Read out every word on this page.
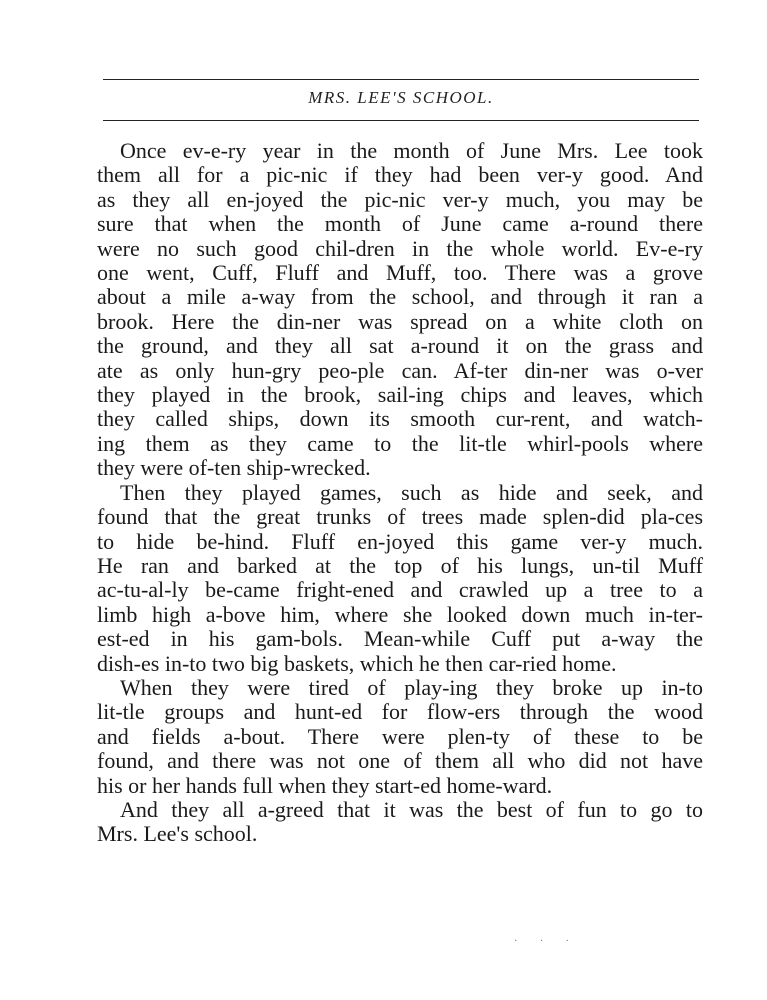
MRS. LEE'S SCHOOL.

Once ev-e-ry year in the month of June Mrs. Lee took
them all for a pic-nic if they had been ver-y good. And
as they all en-joyed the pic-nic ver-y much, you may be
sure that when the month of June came a-round there
were no such good chil-dren in the whole world. Ev-e-ry
one went, Cuff, Fluff and Muff, too. There was a grove
about a mile a-way from the school, and through it ran a
brook. Here the din-ner was spread on a white cloth on
the ground, and they all sat a-round it on the grass and
ate as only hun-gry peo-ple can. Af-ter din-ner was o-ver
they played in the brook, sail-ing chips and leaves, which
they called ships, down its smooth cur-rent, and watch-
ing them as they came to the lit-tle whirl-pools where
they were of-ten ship-wrecked.

Then they played games, such as hide and seek, and
found that the great trunks of trees made splen-did pla-ces
to hide be-hind. Fluff en-joyed this game ver-y much.
He ran and barked at the top of his lungs, un-til Muff
ac-tu-al-ly be-came fright-ened and crawled up a tree to a
limb high a-bove him, where she looked down much in-ter-
est-ed in his gam-bols. Mean-while Cuff put a-way the
dish-es in-to two big baskets, which he then car-ried home.

When they were tired of play-ing they broke up in-to
lit-tle groups and hunt-ed for flow-ers through the wood
and fields a-bout. There were plen-ty of these to be
found, and there was not one of them all who did not have
his or her hands full when they start-ed home-ward.

And they all a-greed that it was the best of fun to go to
Mrs. Lee's school.

· · ·
